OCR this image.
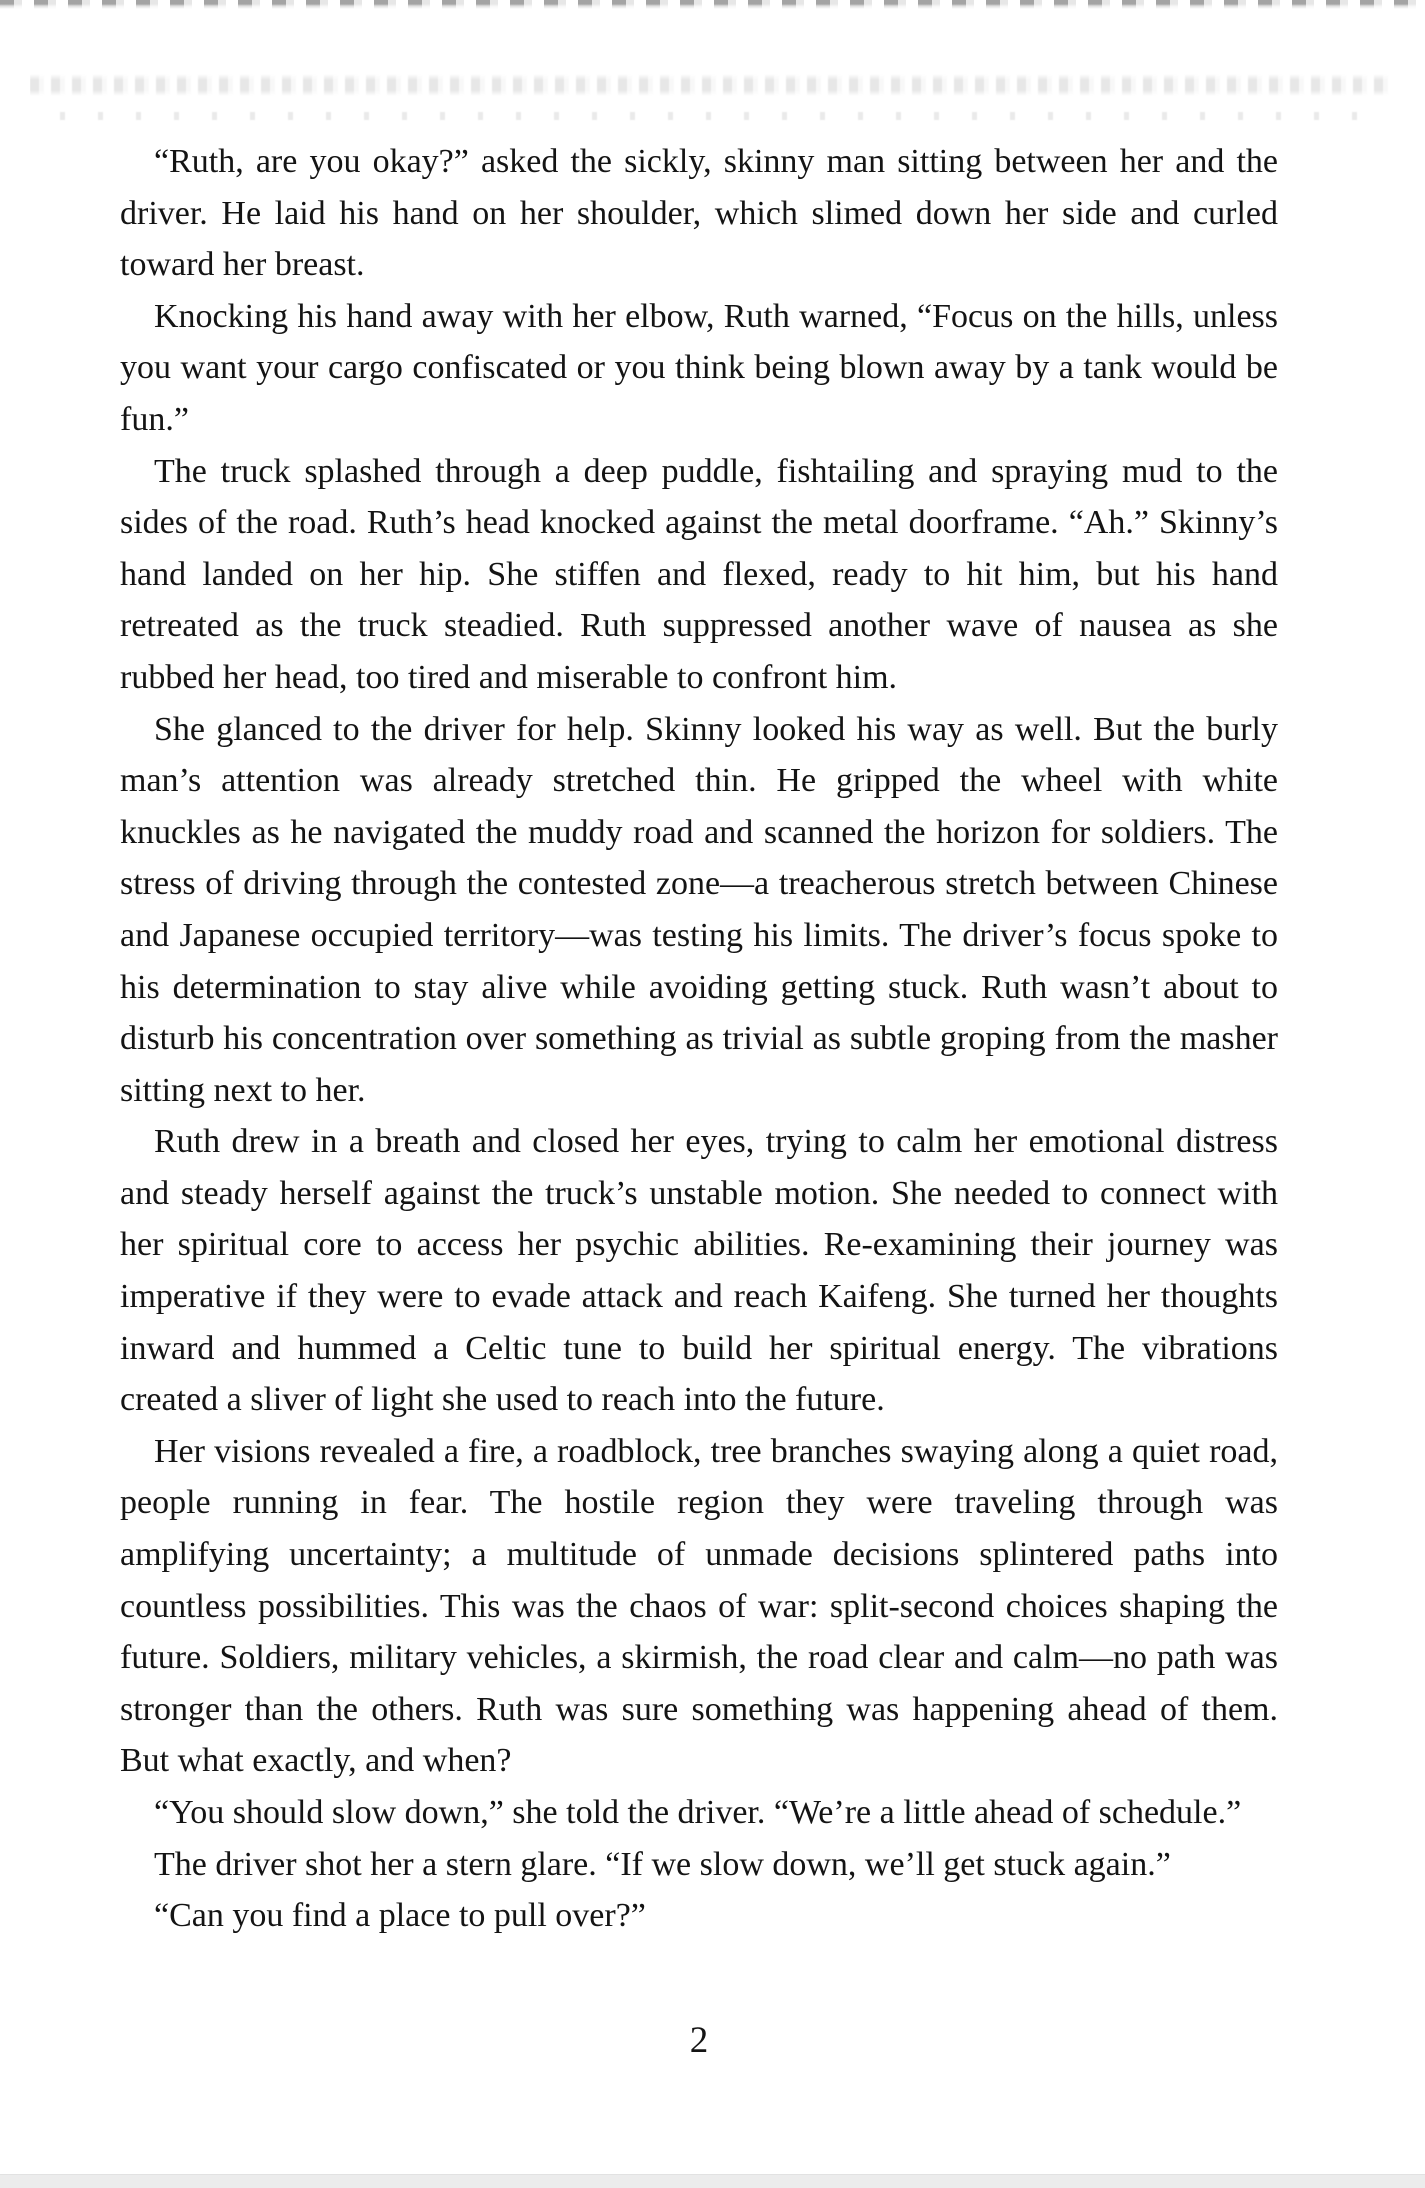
“Ruth, are you okay?” asked the sickly, skinny man sitting between her and the driver. He laid his hand on her shoulder, which slimed down her side and curled toward her breast.

Knocking his hand away with her elbow, Ruth warned, “Focus on the hills, unless you want your cargo confiscated or you think being blown away by a tank would be fun.”

The truck splashed through a deep puddle, fishtailing and spraying mud to the sides of the road. Ruth’s head knocked against the metal doorframe. “Ah.” Skinny’s hand landed on her hip. She stiffen and flexed, ready to hit him, but his hand retreated as the truck steadied. Ruth suppressed another wave of nausea as she rubbed her head, too tired and miserable to confront him.

She glanced to the driver for help. Skinny looked his way as well. But the burly man’s attention was already stretched thin. He gripped the wheel with white knuckles as he navigated the muddy road and scanned the horizon for soldiers. The stress of driving through the contested zone—a treacherous stretch between Chinese and Japanese occupied territory—was testing his limits. The driver’s focus spoke to his determination to stay alive while avoiding getting stuck. Ruth wasn’t about to disturb his concentration over something as trivial as subtle groping from the masher sitting next to her.

Ruth drew in a breath and closed her eyes, trying to calm her emotional distress and steady herself against the truck’s unstable motion. She needed to connect with her spiritual core to access her psychic abilities. Re-examining their journey was imperative if they were to evade attack and reach Kaifeng. She turned her thoughts inward and hummed a Celtic tune to build her spiritual energy. The vibrations created a sliver of light she used to reach into the future.

Her visions revealed a fire, a roadblock, tree branches swaying along a quiet road, people running in fear. The hostile region they were traveling through was amplifying uncertainty; a multitude of unmade decisions splintered paths into countless possibilities. This was the chaos of war: split-second choices shaping the future. Soldiers, military vehicles, a skirmish, the road clear and calm—no path was stronger than the others. Ruth was sure something was happening ahead of them. But what exactly, and when?

“You should slow down,” she told the driver. “We’re a little ahead of schedule.”

The driver shot her a stern glare. “If we slow down, we’ll get stuck again.”

“Can you find a place to pull over?”

2
